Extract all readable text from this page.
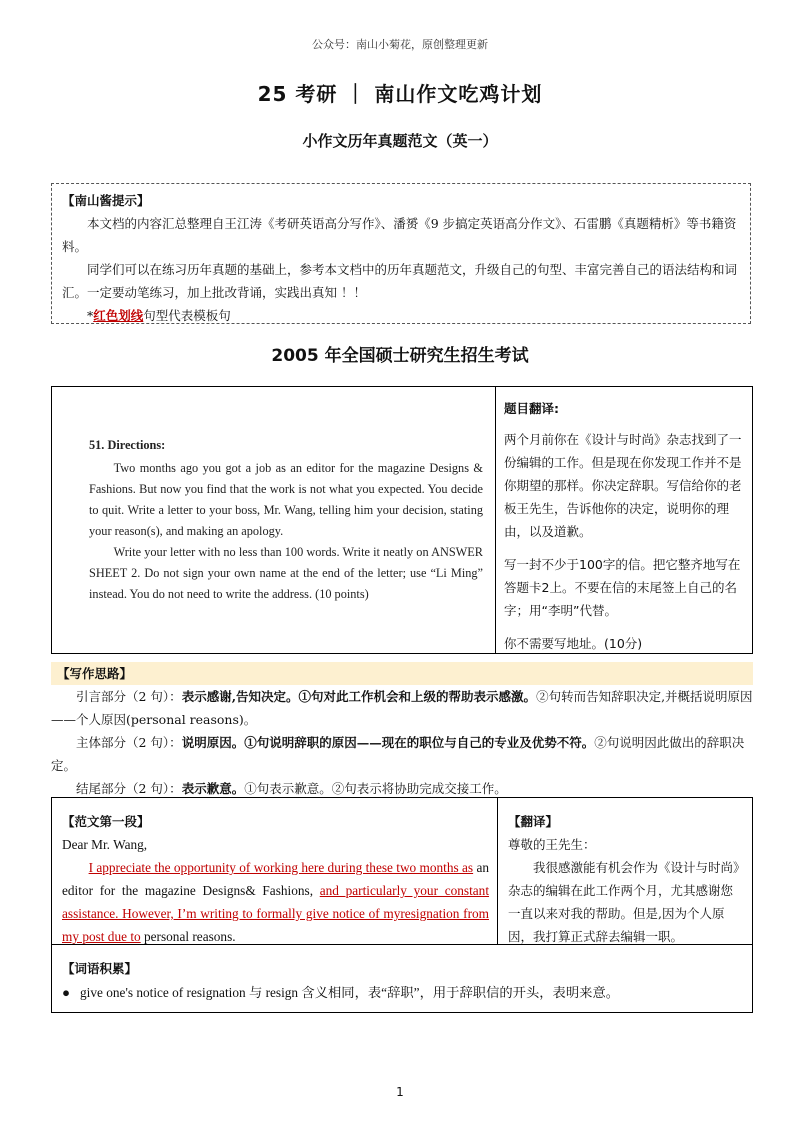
公众号：南山小菊花，原创整理更新
25 考研 ｜ 南山作文吃鸡计划
小作文历年真题范文（英一）
【南山酱提示】

本文档的内容汇总整理自王江涛《考研英语高分写作》、潘赟《9 步搞定英语高分作文》、石雷鹏《真题精析》等书籍资料。

同学们可以在练习历年真题的基础上，参考本文档中的历年真题范文，升级自己的句型、丰富完善自己的语法结构和词汇。一定要动笔练习，加上批改背诵，实践出真知 ！！

*红色划线句型代表模板句

2005 年全国硕士研究生招生考试
51. Directions:

Two months ago you got a job as an editor for the magazine Designs & Fashions. But now you find that the work is not what you expected. You decide to quit. Write a letter to your boss, Mr. Wang, telling him your decision, stating your reason(s), and making an apology.

Write your letter with no less than 100 words. Write it neatly on ANSWER SHEET 2. Do not sign your own name at the end of the letter; use “Li Ming” instead. You do not need to write the address. (10 points)

题目翻译:

两个月前你在《设计与时尚》杂志找到了一份编辑的工作。但是现在你发现工作并不是你期望的那样。你决定辞职。写信给你的老板王先生，告诉他你的决定，说明你的理由，以及道歉。

写一封不少于100字的信。把它整齐地写在答题卡2上。不要在信的末尾签上自己的名字；用“李明”代替。

你不需要写地址。(10分)

【写作思路】

引言部分（2 句）：表示感谢,告知决定。①句对此工作机会和上级的帮助表示感激。②句转而告知辞职决定,并概括说明原因——个人原因(personal reasons)。

主体部分（2 句）：说明原因。①句说明辞职的原因——现在的职位与自己的专业及优势不符。②句说明因此做出的辞职决定。

结尾部分（2 句）：表示歉意。①句表示歉意。②句表示将协助完成交接工作。

【范文第一段】
Dear Mr. Wang,
I appreciate the opportunity of working here during these two months as an editor for the magazine Designs& Fashions, and particularly your constant assistance. However, I’m writing to formally give notice of myresignation from my post due to personal reasons.
【翻译】

尊敬的王先生：

我很感激能有机会作为《设计与时尚》杂志的编辑在此工作两个月，尤其感谢您一直以来对我的帮助。但是,因为个人原因，我打算正式辞去编辑一职。

【词语积累】
● give one's notice of resignation 与 resign 含义相同，表“辞职”，用于辞职信的开头，表明来意。
1
